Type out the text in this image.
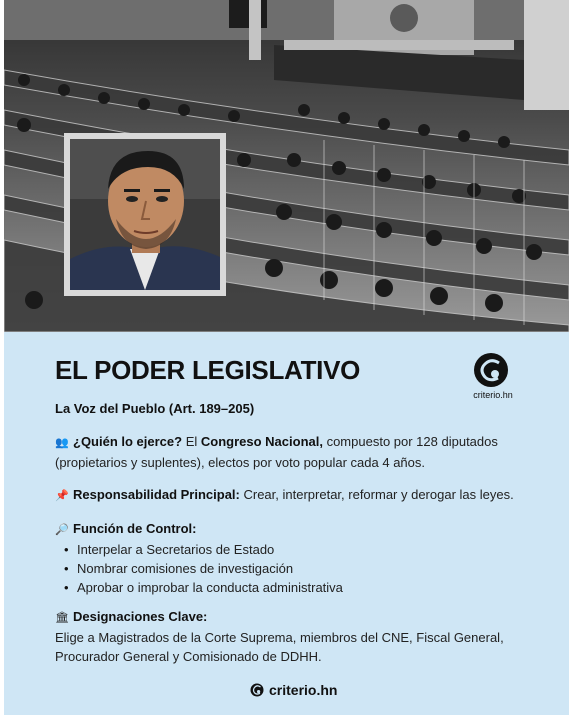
EL PODER LEGISLATIVO
La Voz del Pueblo (Art. 189–205)
criterio.hn
👥 ¿Quién lo ejerce? El Congreso Nacional, compuesto por 128 diputados (propietarios y suplentes), electos por voto popular cada 4 años.
📌 Responsabilidad Principal: Crear, interpretar, reformar y derogar las leyes.
🔎 Función de Control:
• Interpelar a Secretarios de Estado
• Nombrar comisiones de investigación
• Aprobar o improbar la conducta administrativa
🏛 Designaciones Clave:
Elige a Magistrados de la Corte Suprema, miembros del CNE, Fiscal General, Procurador General y Comisionado de DDHH.
criterio.hn
